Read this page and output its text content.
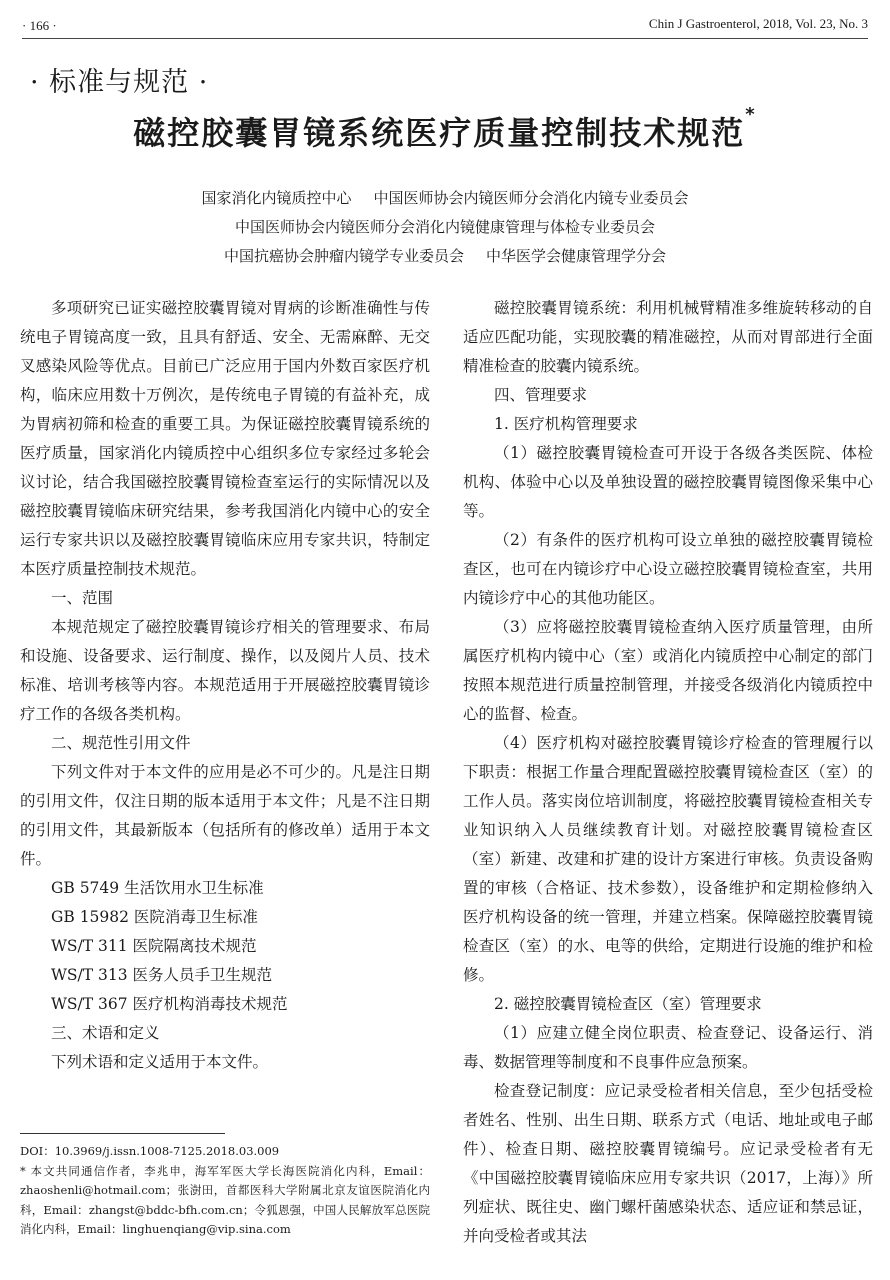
· 166 ·	Chin J Gastroenterol, 2018, Vol. 23, No. 3
· 标准与规范 ·
磁控胶囊胃镜系统医疗质量控制技术规范*
国家消化内镜质控中心 中国医师协会内镜医师分会消化内镜专业委员会
中国医师协会内镜医师分会消化内镜健康管理与体检专业委员会
中国抗癌协会肿瘤内镜学专业委员会 中华医学会健康管理学分会

多项研究已证实磁控胶囊胃镜对胃病的诊断准确性与传统电子胃镜高度一致，且具有舒适、安全、无需麻醉、无交叉感染风险等优点。目前已广泛应用于国内外数百家医疗机构，临床应用数十万例次，是传统电子胃镜的有益补充，成为胃病初筛和检查的重要工具。为保证磁控胶囊胃镜系统的医疗质量，国家消化内镜质控中心组织多位专家经过多轮会议讨论，结合我国磁控胶囊胃镜检查室运行的实际情况以及磁控胶囊胃镜临床研究结果，参考我国消化内镜中心的安全运行专家共识以及磁控胶囊胃镜临床应用专家共识，特制定本医疗质量控制技术规范。

一、范围

本规范规定了磁控胶囊胃镜诊疗相关的管理要求、布局和设施、设备要求、运行制度、操作，以及阅片人员、技术标准、培训考核等内容。本规范适用于开展磁控胶囊胃镜诊疗工作的各级各类机构。

二、规范性引用文件

下列文件对于本文件的应用是必不可少的。凡是注日期的引用文件，仅注日期的版本适用于本文件；凡是不注日期的引用文件，其最新版本（包括所有的修改单）适用于本文件。

GB 5749 生活饮用水卫生标准

GB 15982 医院消毒卫生标准

WS/T 311 医院隔离技术规范

WS/T 313 医务人员手卫生规范

WS/T 367 医疗机构消毒技术规范

三、术语和定义

下列术语和定义适用于本文件。

磁控胶囊胃镜系统：利用机械臂精准多维旋转移动的自适应匹配功能，实现胶囊的精准磁控，从而对胃部进行全面精准检查的胶囊内镜系统。

四、管理要求

1. 医疗机构管理要求

（1）磁控胶囊胃镜检查可开设于各级各类医院、体检机构、体验中心以及单独设置的磁控胶囊胃镜图像采集中心等。

（2）有条件的医疗机构可设立单独的磁控胶囊胃镜检查区，也可在内镜诊疗中心设立磁控胶囊胃镜检查室，共用内镜诊疗中心的其他功能区。

（3）应将磁控胶囊胃镜检查纳入医疗质量管理，由所属医疗机构内镜中心（室）或消化内镜质控中心制定的部门按照本规范进行质量控制管理，并接受各级消化内镜质控中心的监督、检查。

（4）医疗机构对磁控胶囊胃镜诊疗检查的管理履行以下职责：根据工作量合理配置磁控胶囊胃镜检查区（室）的工作人员。落实岗位培训制度，将磁控胶囊胃镜检查相关专业知识纳入人员继续教育计划。对磁控胶囊胃镜检查区（室）新建、改建和扩建的设计方案进行审核。负责设备购置的审核（合格证、技术参数），设备维护和定期检修纳入医疗机构设备的统一管理，并建立档案。保障磁控胶囊胃镜检查区（室）的水、电等的供给，定期进行设施的维护和检修。

2. 磁控胶囊胃镜检查区（室）管理要求

（1）应建立健全岗位职责、检查登记、设备运行、消毒、数据管理等制度和不良事件应急预案。

检查登记制度：应记录受检者相关信息，至少包括受检者姓名、性别、出生日期、联系方式（电话、地址或电子邮件）、检查日期、磁控胶囊胃镜编号。应记录受检者有无《中国磁控胶囊胃镜临床应用专家共识（2017，上海）》所列症状、既往史、幽门螺杆菌感染状态、适应证和禁忌证，并向受检者或其法

DOI：10.3969/j.issn.1008-7125.2018.03.009

* 本文共同通信作者，李兆申，海军军医大学长海医院消化内科，Email：zhaoshenli@hotmail.com；张澍田，首都医科大学附属北京友谊医院消化内科，Email：zhangst@bddc-bfh.com.cn；令狐恩强，中国人民解放军总医院消化内科，Email：linghuenqiang@vip.sina.com
